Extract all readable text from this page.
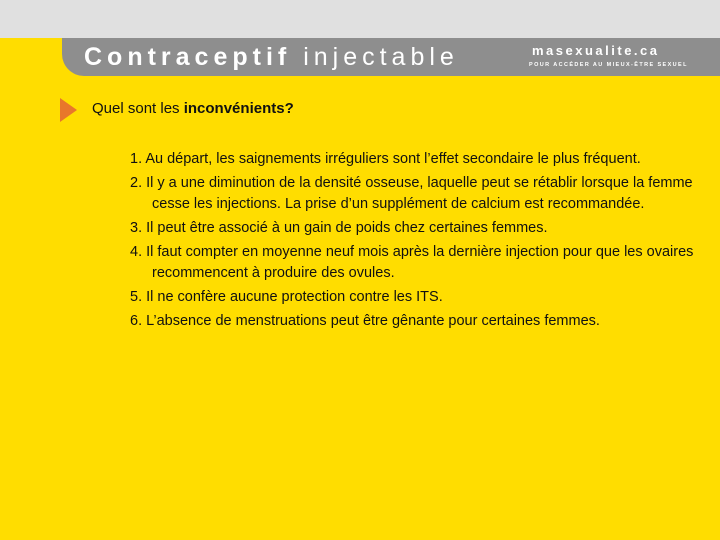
Contraceptif injectable	masexualite.ca
POUR ACCÉDER AU MIEUX-ÊTRE SEXUEL
Quel sont les inconvénients?
1. Au départ, les saignements irréguliers sont l’effet secondaire le plus fréquent.
2. Il y a une diminution de la densité osseuse, laquelle peut se rétablir lorsque la femme cesse les injections. La prise d’un supplément de calcium est recommandée.
3. Il peut être associé à un gain de poids chez certaines femmes.
4. Il faut compter en moyenne neuf mois après la dernière injection pour que les ovaires recommencent à produire des ovules.
5. Il ne confère aucune protection contre les ITS.
6. L’absence de menstruations peut être gênante pour certaines femmes.
